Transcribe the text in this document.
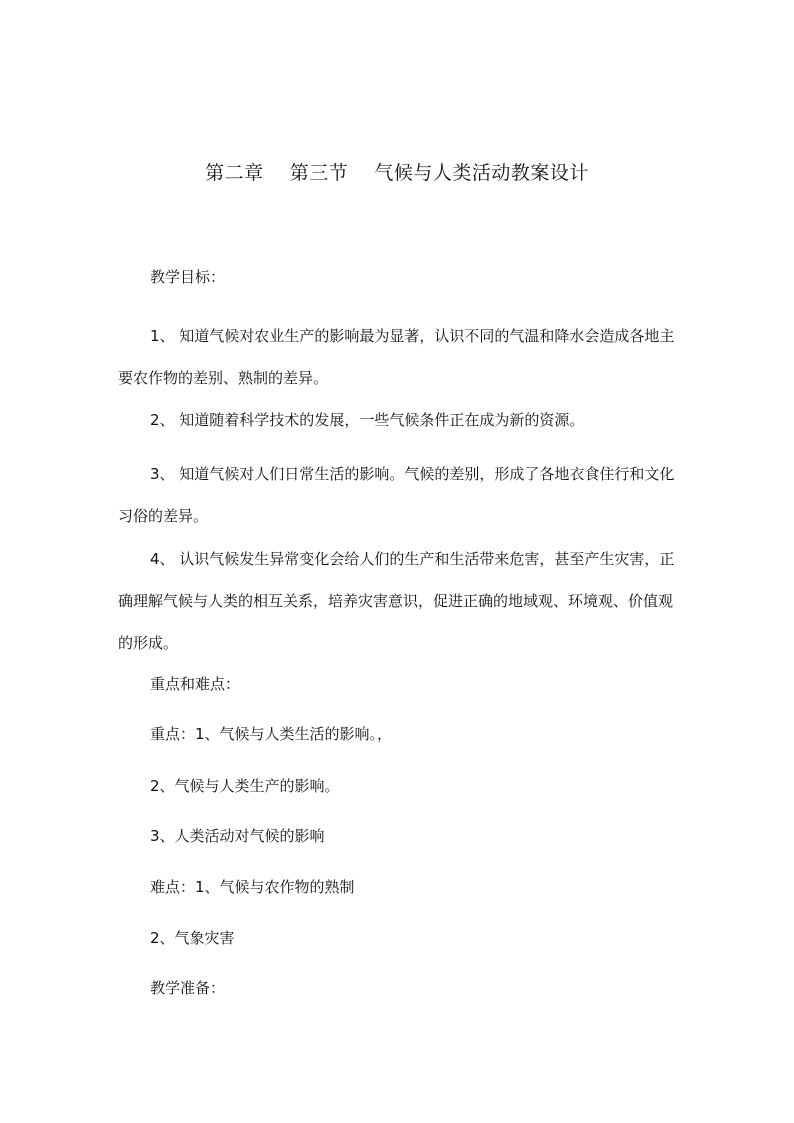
第二章    第三节    气候与人类活动教案设计
教学目标：

1、 知道气候对农业生产的影响最为显著，认识不同的气温和降水会造成各地主要农作物的差别、熟制的差异。

2、 知道随着科学技术的发展，一些气候条件正在成为新的资源。

3、 知道气候对人们日常生活的影响。气候的差别，形成了各地衣食住行和文化习俗的差异。

4、 认识气候发生异常变化会给人们的生产和生活带来危害，甚至产生灾害，正确理解气候与人类的相互关系，培养灾害意识，促进正确的地域观、环境观、价值观的形成。

重点和难点：
重点：1、气候与人类生活的影响。，
2、气候与人类生产的影响。
3、人类活动对气候的影响
难点：1、气候与农作物的熟制
2、气象灾害
教学准备：
